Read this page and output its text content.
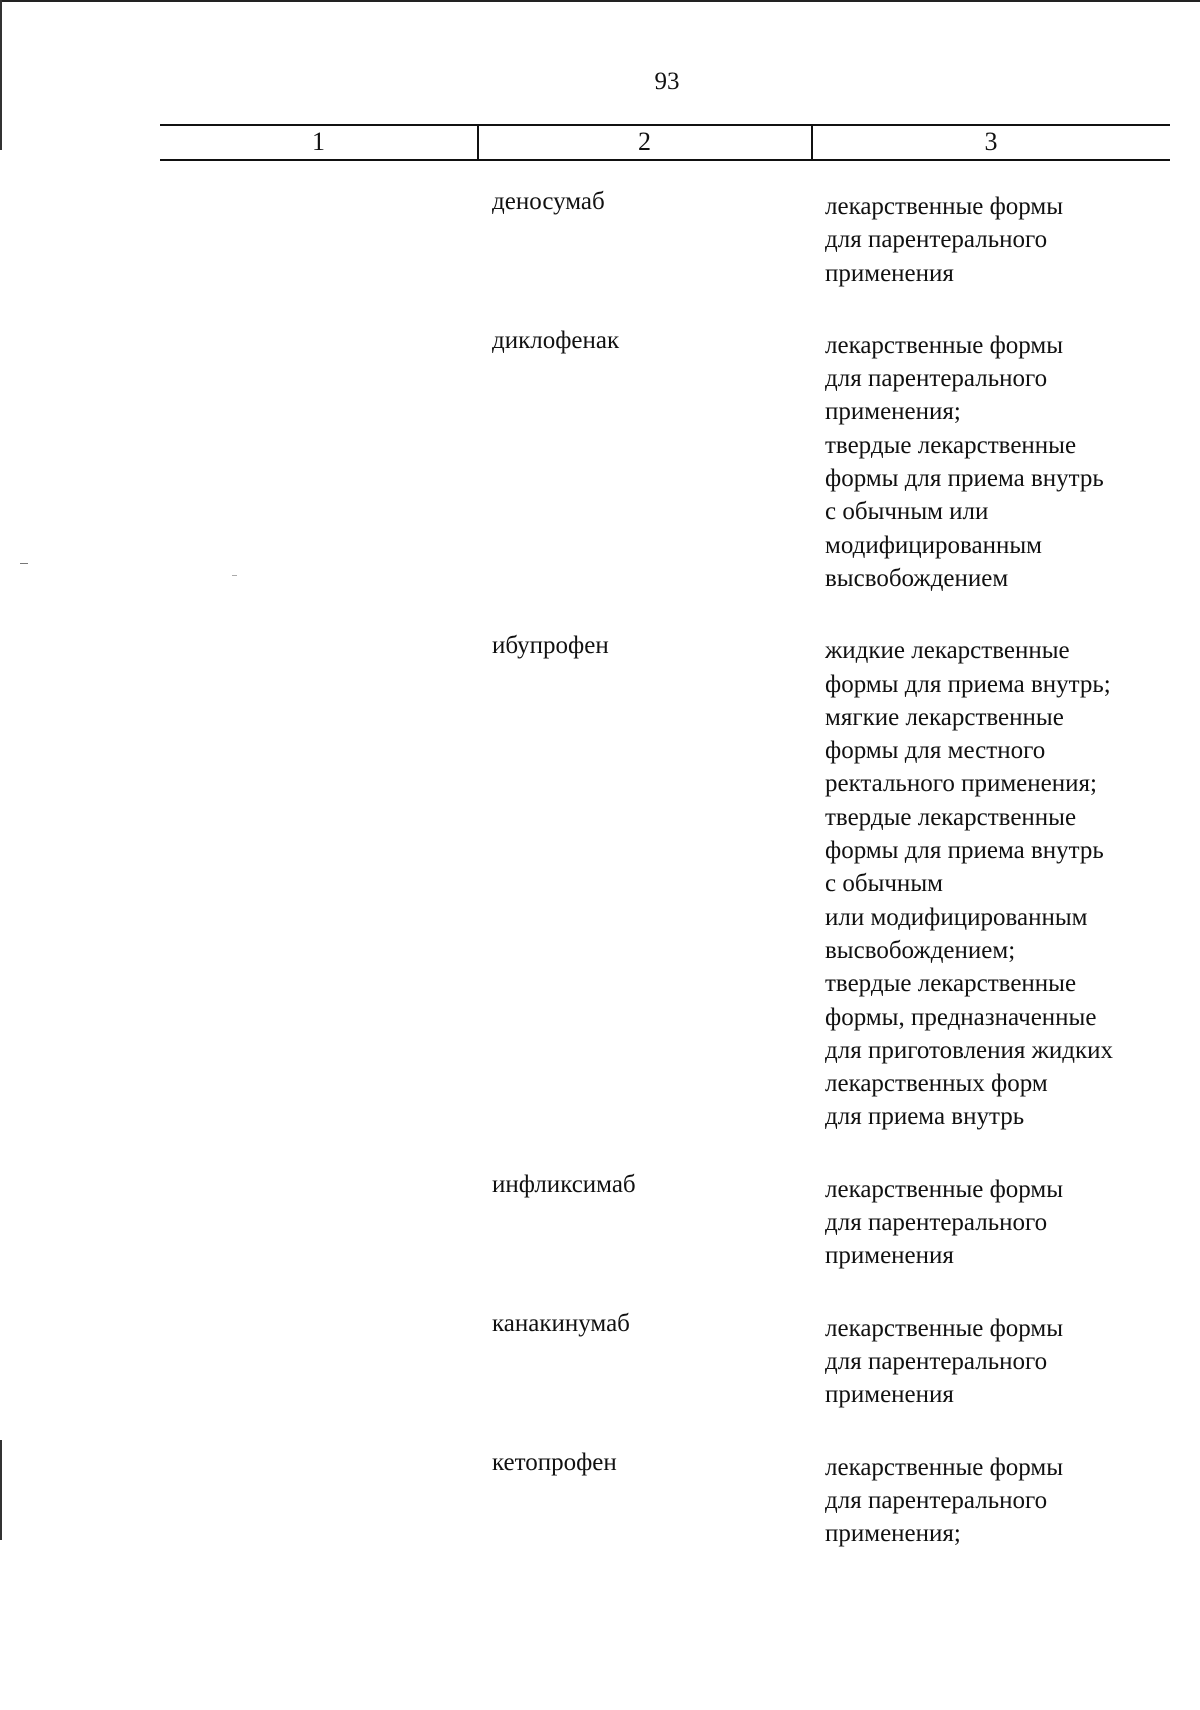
93
1	2	3
деносумаб	лекарственные формы
для парентерального
применения
диклофенак	лекарственные формы
для парентерального
применения;
твердые лекарственные
формы для приема внутрь
с обычным или
модифицированным
высвобождением
ибупрофен	жидкие лекарственные
формы для приема внутрь;
мягкие лекарственные
формы для местного
ректального применения;
твердые лекарственные
формы для приема внутрь
с обычным
или модифицированным
высвобождением;
твердые лекарственные
формы, предназначенные
для приготовления жидких
лекарственных форм
для приема внутрь
инфликсимаб	лекарственные формы
для парентерального
применения
канакинумаб	лекарственные формы
для парентерального
применения
кетопрофен	лекарственные формы
для парентерального
применения;
